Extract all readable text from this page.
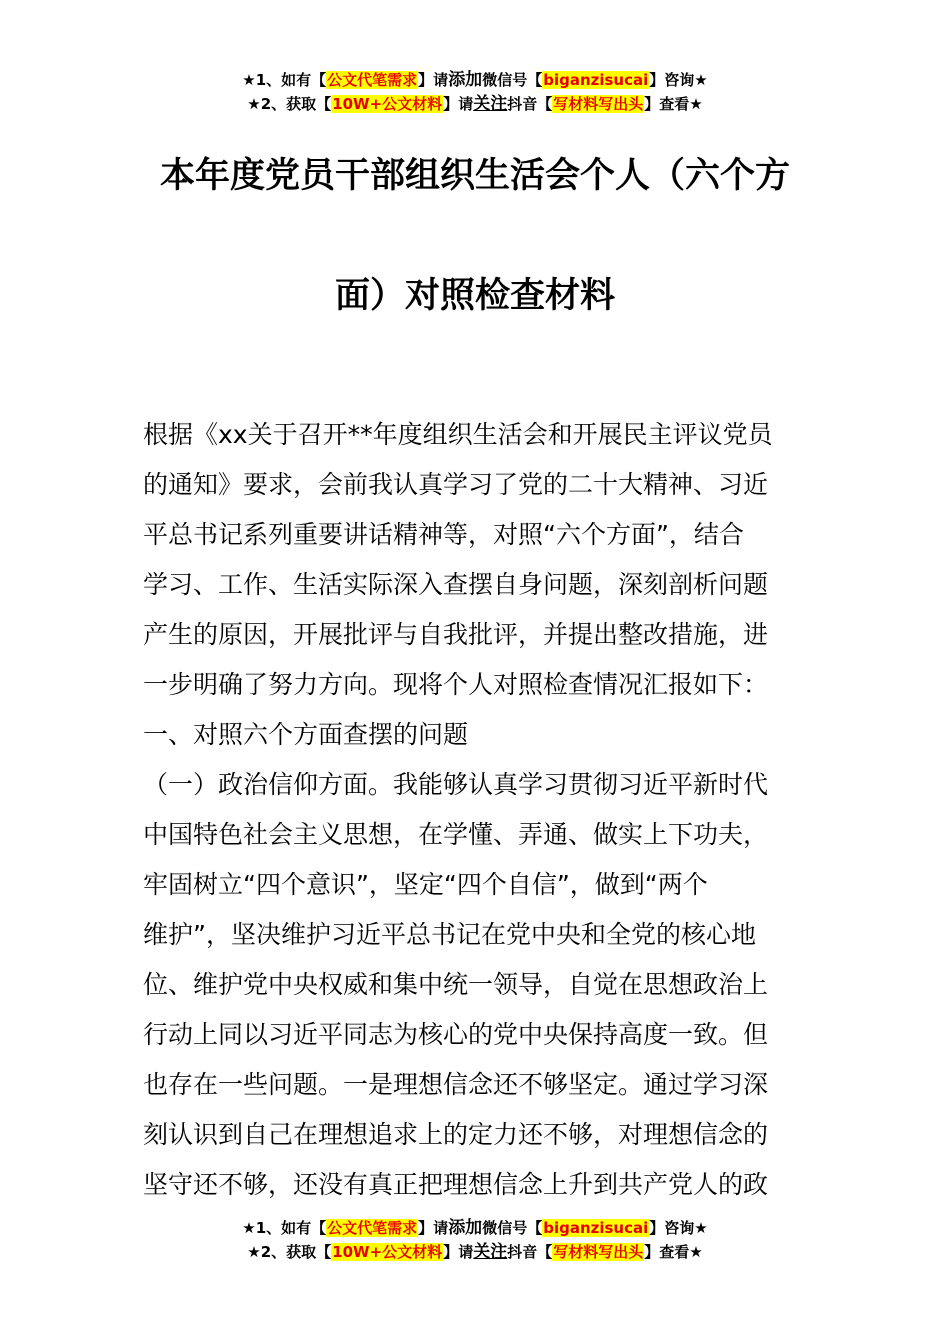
★1、如有【公文代笔需求】请添加微信号【biganzisucai】咨询★
★2、获取【10W+公文材料】请关注抖音【写材料写出头】查看★
本年度党员干部组织生活会个人（六个方
面）对照检查材料
根据《xx关于召开**年度组织生活会和开展民主评议党员
的通知》要求，会前我认真学习了党的二十大精神、习近
平总书记系列重要讲话精神等，对照“六个方面”，结合
学习、工作、生活实际深入查摆自身问题，深刻剖析问题
产生的原因，开展批评与自我批评，并提出整改措施，进
一步明确了努力方向。现将个人对照检查情况汇报如下：
一、对照六个方面查摆的问题
（一）政治信仰方面。我能够认真学习贯彻习近平新时代
中国特色社会主义思想，在学懂、弄通、做实上下功夫，
牢固树立“四个意识”，坚定“四个自信”，做到“两个
维护”，坚决维护习近平总书记在党中央和全党的核心地
位、维护党中央权威和集中统一领导，自觉在思想政治上
行动上同以习近平同志为核心的党中央保持高度一致。但
也存在一些问题。一是理想信念还不够坚定。通过学习深
刻认识到自己在理想追求上的定力还不够，对理想信念的
坚守还不够，还没有真正把理想信念上升到共产党人的政
★1、如有【公文代笔需求】请添加微信号【biganzisucai】咨询★
★2、获取【10W+公文材料】请关注抖音【写材料写出头】查看★
